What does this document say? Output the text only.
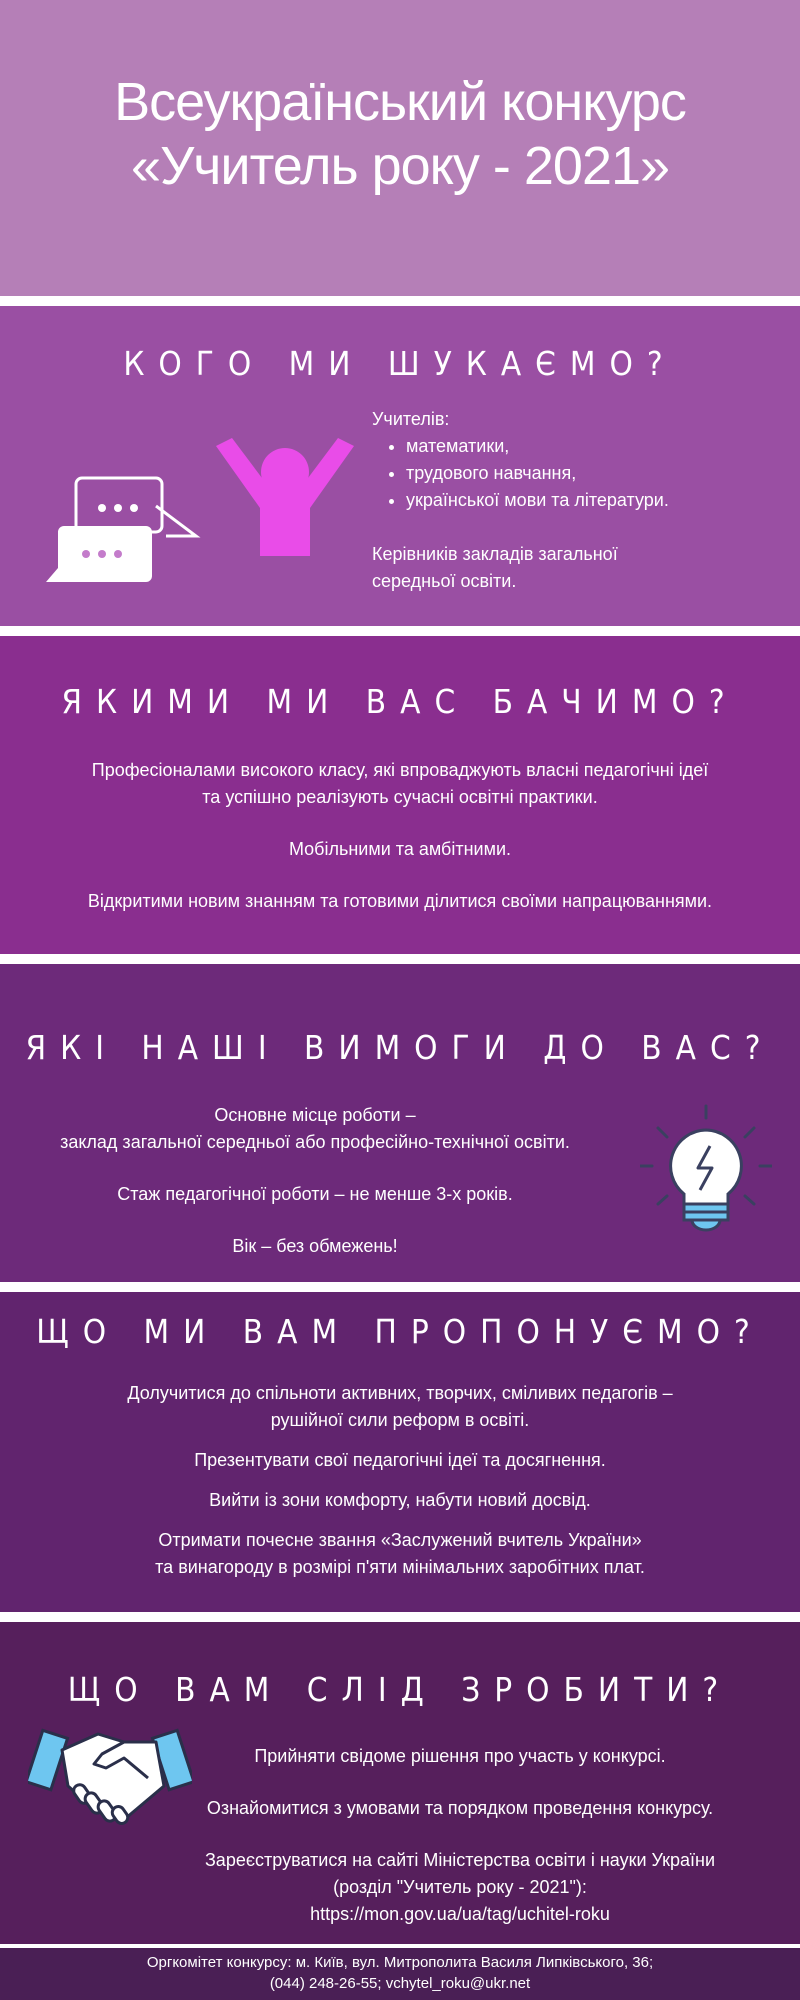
Всеукраїнський конкурс
«Учитель року - 2021»
КОГО МИ ШУКАЄМО?
Учителів:
• математики,
• трудового навчання,
• української мови та літератури.
Керівників закладів загальної
середньої освіти.
ЯКИМИ МИ ВАС БАЧИМО?
Професіоналами високого класу, які впроваджують власні педагогічні ідеї
та успішно реалізують сучасні освітні практики.
Мобільними та амбітними.
Відкритими новим знанням та готовими ділитися своїми напрацюваннями.
ЯКІ НАШІ ВИМОГИ ДО ВАС?
Основне місце роботи –
заклад загальної середньої або професійно-технічної освіти.
Стаж педагогічної роботи – не менше 3-х років.
Вік – без обмежень!
ЩО МИ ВАМ ПРОПОНУЄМО?
Долучитися до спільноти активних, творчих, сміливих педагогів –
рушійної сили реформ в освіті.
Презентувати свої педагогічні ідеї та досягнення.
Вийти із зони комфорту, набути новий досвід.
Отримати почесне звання «Заслужений вчитель України»
та винагороду в розмірі п'яти мінімальних заробітних плат.
ЩО ВАМ СЛІД ЗРОБИТИ?
Прийняти свідоме рішення про участь у конкурсі.
Ознайомитися з умовами та порядком проведення конкурсу.
Зареєструватися на сайті Міністерства освіти і науки України
(розділ "Учитель року - 2021"):
https://mon.gov.ua/ua/tag/uchitel-roku
Оргкомітет конкурсу: м. Київ, вул. Митрополита Василя Липківського, 36;
(044) 248-26-55; vchytel_roku@ukr.net
